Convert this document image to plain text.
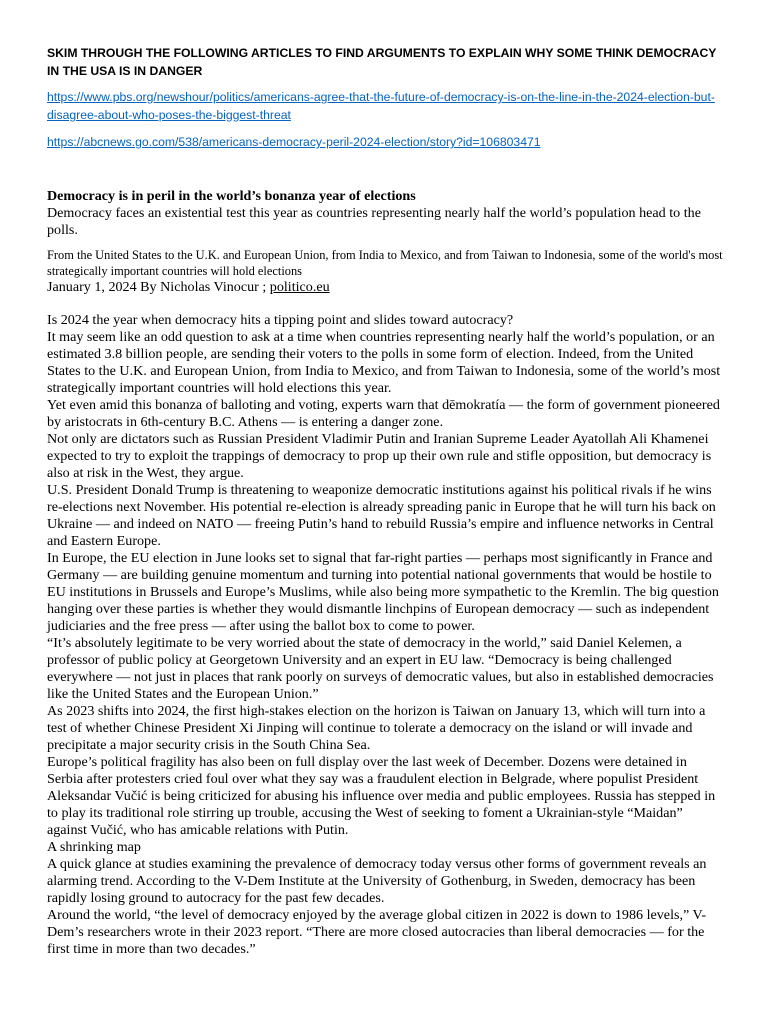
SKIM THROUGH THE FOLLOWING ARTICLES TO FIND ARGUMENTS TO EXPLAIN WHY SOME THINK DEMOCRACY IN THE USA IS IN DANGER

https://www.pbs.org/newshour/politics/americans-agree-that-the-future-of-democracy-is-on-the-line-in-the-2024-election-but-disagree-about-who-poses-the-biggest-threat
https://abcnews.go.com/538/americans-democracy-peril-2024-election/story?id=106803471

Democracy is in peril in the world’s bonanza year of elections

Democracy faces an existential test this year as countries representing nearly half the world’s population head to the polls.

From the United States to the U.K. and European Union, from India to Mexico, and from Taiwan to Indonesia, some of the world's most strategically important countries will hold elections

January 1, 2024 By Nicholas Vinocur ; politico.eu

Is 2024 the year when democracy hits a tipping point and slides toward autocracy?

It may seem like an odd question to ask at a time when countries representing nearly half the world’s population, or an estimated 3.8 billion people, are sending their voters to the polls in some form of election. Indeed, from the United States to the U.K. and European Union, from India to Mexico, and from Taiwan to Indonesia, some of the world’s most strategically important countries will hold elections this year.

Yet even amid this bonanza of balloting and voting, experts warn that dēmokratía — the form of government pioneered by aristocrats in 6th-century B.C. Athens — is entering a danger zone.

Not only are dictators such as Russian President Vladimir Putin and Iranian Supreme Leader Ayatollah Ali Khamenei expected to try to exploit the trappings of democracy to prop up their own rule and stifle opposition, but democracy is also at risk in the West, they argue.

U.S. President Donald Trump is threatening to weaponize democratic institutions against his political rivals if he wins re-elections next November. His potential re-election is already spreading panic in Europe that he will turn his back on Ukraine — and indeed on NATO — freeing Putin’s hand to rebuild Russia’s empire and influence networks in Central and Eastern Europe.

In Europe, the EU election in June looks set to signal that far-right parties — perhaps most significantly in France and Germany — are building genuine momentum and turning into potential national governments that would be hostile to EU institutions in Brussels and Europe’s Muslims, while also being more sympathetic to the Kremlin. The big question hanging over these parties is whether they would dismantle linchpins of European democracy — such as independent judiciaries and the free press — after using the ballot box to come to power.

“It’s absolutely legitimate to be very worried about the state of democracy in the world,” said Daniel Kelemen, a professor of public policy at Georgetown University and an expert in EU law. “Democracy is being challenged everywhere — not just in places that rank poorly on surveys of democratic values, but also in established democracies like the United States and the European Union.”

As 2023 shifts into 2024, the first high-stakes election on the horizon is Taiwan on January 13, which will turn into a test of whether Chinese President Xi Jinping will continue to tolerate a democracy on the island or will invade and precipitate a major security crisis in the South China Sea.

Europe’s political fragility has also been on full display over the last week of December. Dozens were detained in Serbia after protesters cried foul over what they say was a fraudulent election in Belgrade, where populist President Aleksandar Vučić is being criticized for abusing his influence over media and public employees. Russia has stepped in to play its traditional role stirring up trouble, accusing the West of seeking to foment a Ukrainian-style “Maidan” against Vučić, who has amicable relations with Putin.

A shrinking map

A quick glance at studies examining the prevalence of democracy today versus other forms of government reveals an alarming trend. According to the V-Dem Institute at the University of Gothenburg, in Sweden, democracy has been rapidly losing ground to autocracy for the past few decades.

Around the world, “the level of democracy enjoyed by the average global citizen in 2022 is down to 1986 levels,” V-Dem’s researchers wrote in their 2023 report. “There are more closed autocracies than liberal democracies — for the first time in more than two decades.”
